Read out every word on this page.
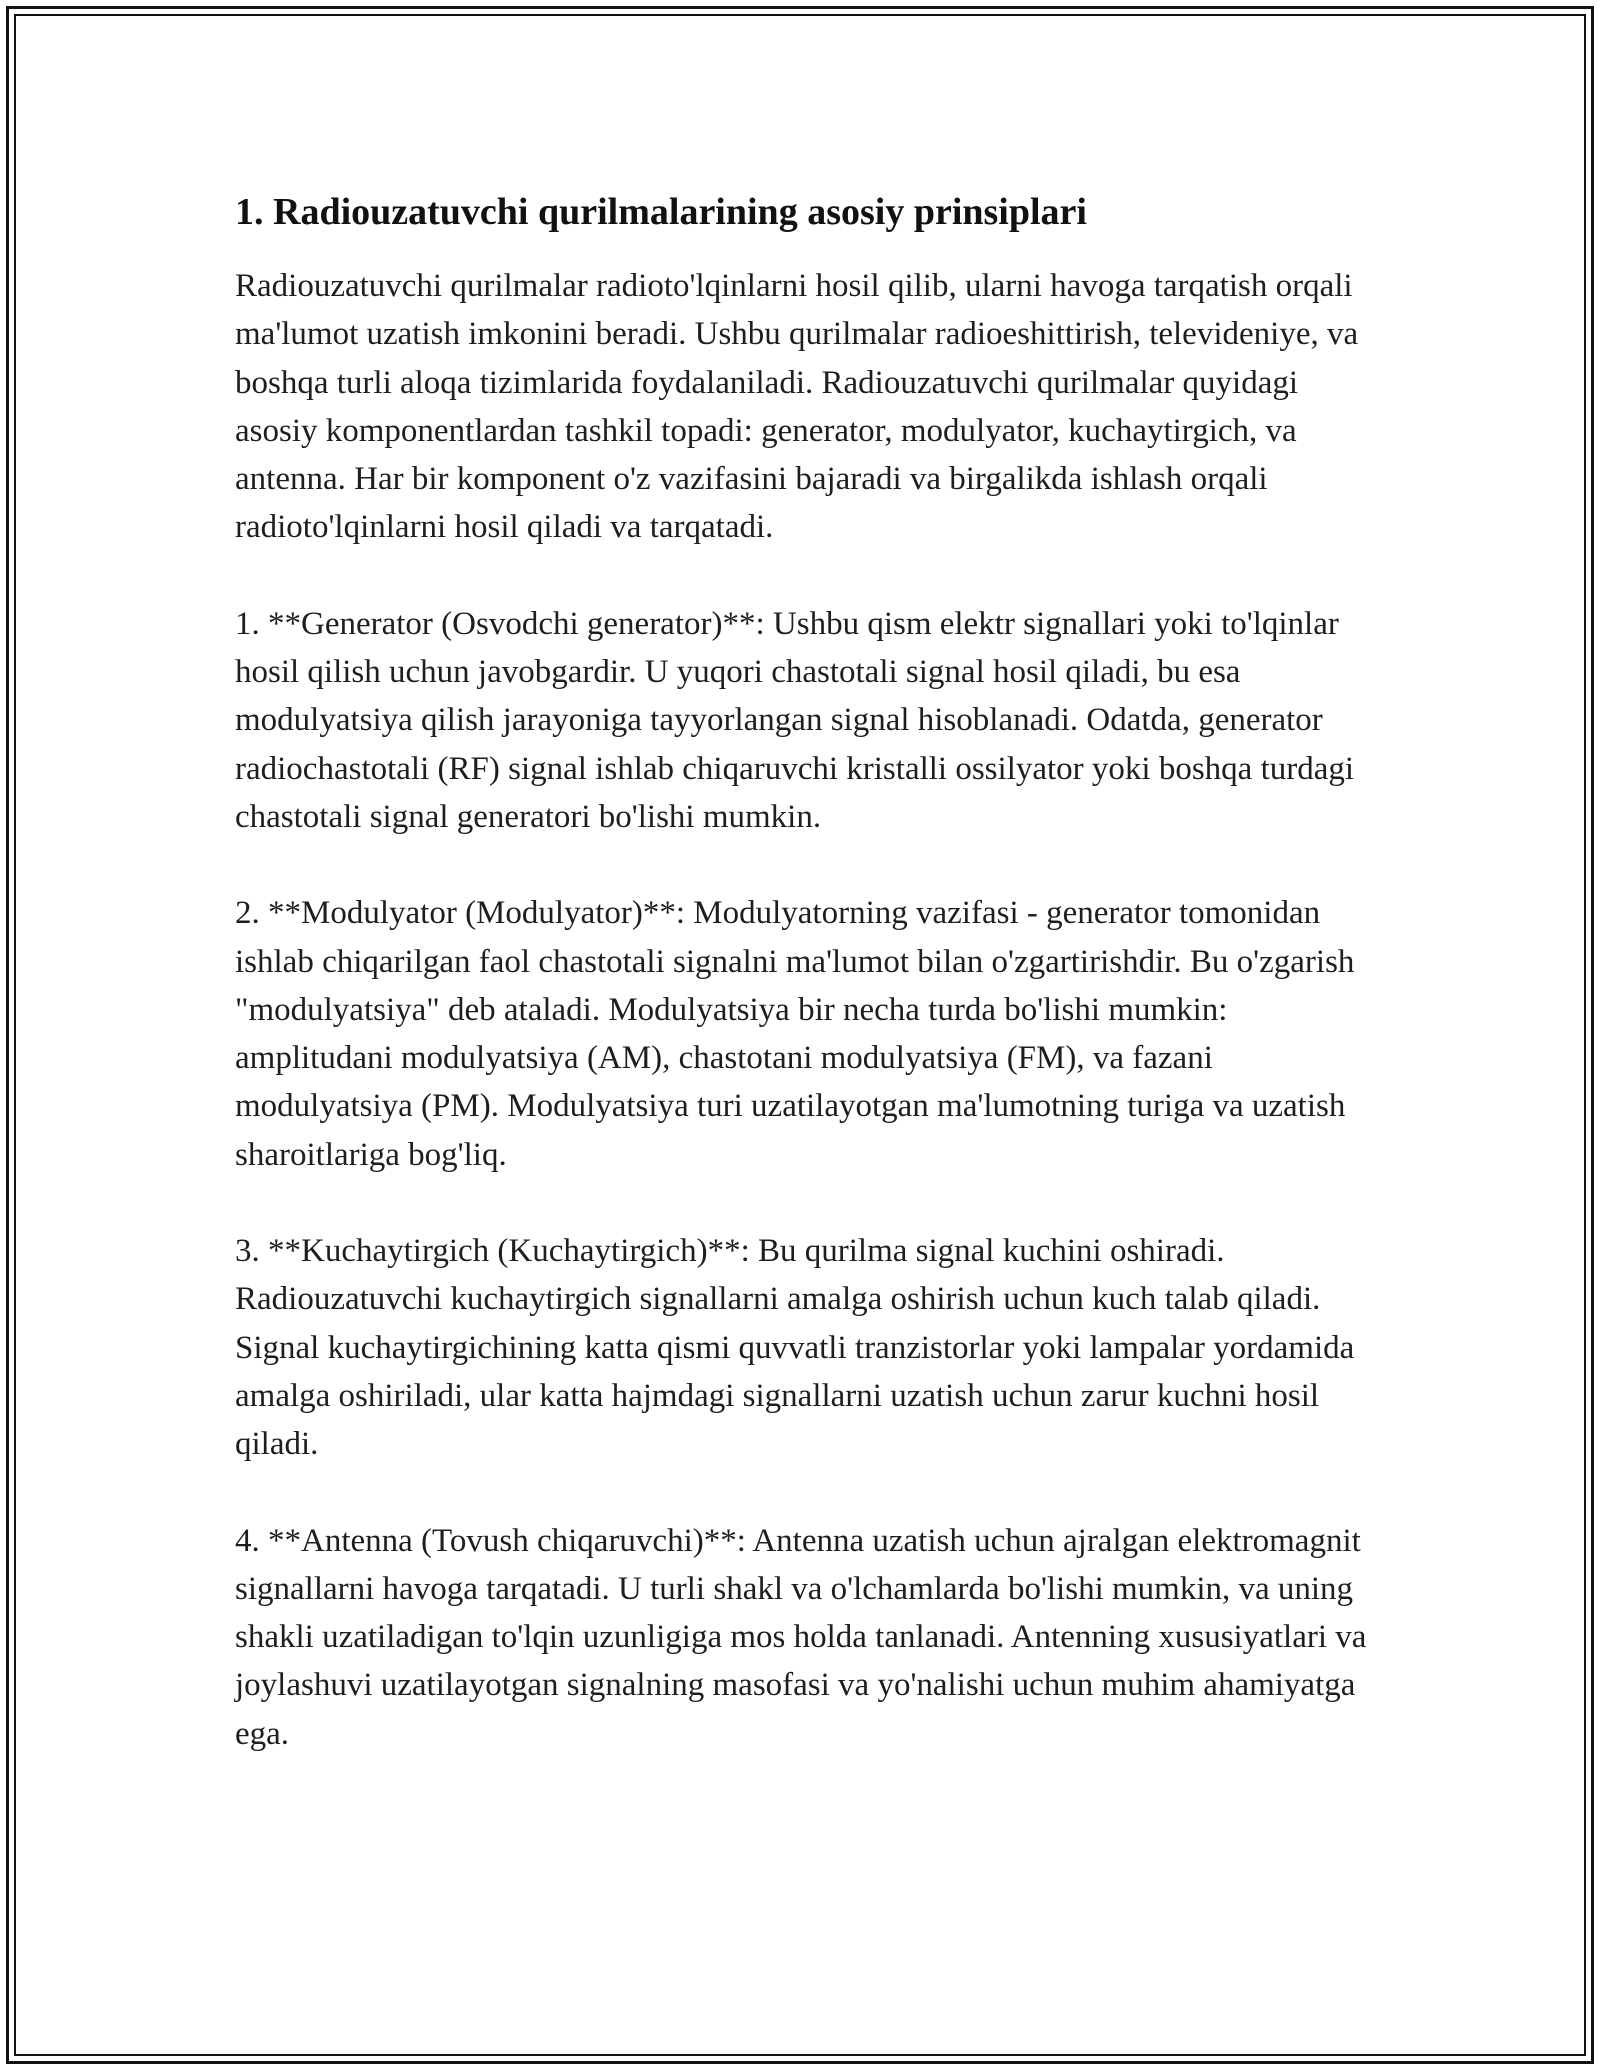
1. Radiouzatuvchi qurilmalarining asosiy prinsiplari

Radiouzatuvchi qurilmalar radioto'lqinlarni hosil qilib, ularni havoga tarqatish orqali ma'lumot uzatish imkonini beradi. Ushbu qurilmalar radioeshittirish, televideniye, va boshqa turli aloqa tizimlarida foydalaniladi. Radiouzatuvchi qurilmalar quyidagi asosiy komponentlardan tashkil topadi: generator, modulyator, kuchaytirgich, va antenna. Har bir komponent o'z vazifasini bajaradi va birgalikda ishlash orqali radioto'lqinlarni hosil qiladi va tarqatadi.

1. **Generator (Osvodchi generator)**: Ushbu qism elektr signallari yoki to'lqinlar hosil qilish uchun javobgardir. U yuqori chastotali signal hosil qiladi, bu esa modulyatsiya qilish jarayoniga tayyorlangan signal hisoblanadi. Odatda, generator radiochastotali (RF) signal ishlab chiqaruvchi kristalli ossilyator yoki boshqa turdagi chastotali signal generatori bo'lishi mumkin.

2. **Modulyator (Modulyator)**: Modulyatorning vazifasi - generator tomonidan ishlab chiqarilgan faol chastotali signalni ma'lumot bilan o'zgartirishdir. Bu o'zgarish "modulyatsiya" deb ataladi. Modulyatsiya bir necha turda bo'lishi mumkin: amplitudani modulyatsiya (AM), chastotani modulyatsiya (FM), va fazani modulyatsiya (PM). Modulyatsiya turi uzatilayotgan ma'lumotning turiga va uzatish sharoitlariga bog'liq.

3. **Kuchaytirgich (Kuchaytirgich)**: Bu qurilma signal kuchini oshiradi. Radiouzatuvchi kuchaytirgich signallarni amalga oshirish uchun kuch talab qiladi. Signal kuchaytirgichining katta qismi quvvatli tranzistorlar yoki lampalar yordamida amalga oshiriladi, ular katta hajmdagi signallarni uzatish uchun zarur kuchni hosil qiladi.

4. **Antenna (Tovush chiqaruvchi)**: Antenna uzatish uchun ajralgan elektromagnit signallarni havoga tarqatadi. U turli shakl va o'lchamlarda bo'lishi mumkin, va uning shakli uzatiladigan to'lqin uzunligiga mos holda tanlanadi. Antenning xususiyatlari va joylashuvi uzatilayotgan signalning masofasi va yo'nalishi uchun muhim ahamiyatga ega.
